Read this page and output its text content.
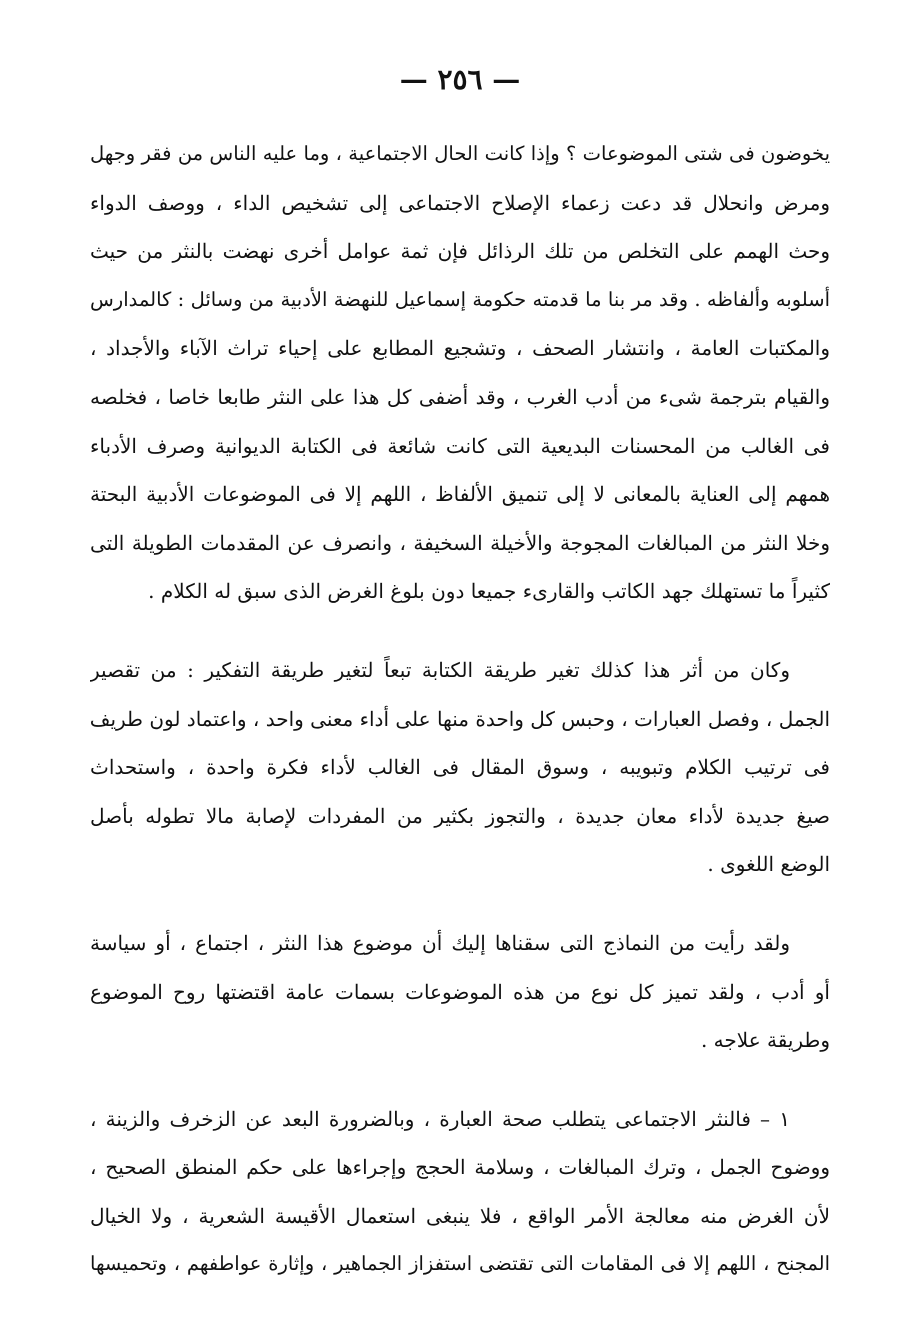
— ٢٥٦ —
يخوضون فى شتى الموضوعات ؟ وإذا كانت الحال الاجتماعية ، وما عليه الناس من فقر وجهل
ومرض وانحلال قد دعت زعماء الإصلاح الاجتماعى إلى تشخيص الداء ، ووصف الدواء
وحث الهمم على التخلص من تلك الرذائل فإن ثمة عوامل أخرى نهضت بالنثر من حيث
أسلوبه وألفاظه . وقد مر بنا ما قدمته حكومة إسماعيل للنهضة الأدبية من وسائل : كالمدارس
والمكتبات العامة ، وانتشار الصحف ، وتشجيع المطابع على إحياء تراث الآباء والأجداد ،
والقيام بترجمة شىء من أدب الغرب ، وقد أضفى كل هذا على النثر طابعا خاصا ، فخلصه
فى الغالب من المحسنات البديعية التى كانت شائعة فى الكتابة الديوانية وصرف الأدباء
همهم إلى العناية بالمعانى لا إلى تنميق الألفاظ ، اللهم إلا فى الموضوعات الأدبية البحتة
وخلا النثر من المبالغات المجوجة والأخيلة السخيفة ، وانصرف عن المقدمات الطويلة التى
كثيراً ما تستهلك جهد الكاتب والقارىء جميعا دون بلوغ الغرض الذى سبق له الكلام .
وكان من أثر هذا كذلك تغير طريقة الكتابة تبعاً لتغير طريقة التفكير : من تقصير
الجمل ، وفصل العبارات ، وحبس كل واحدة منها على أداء معنى واحد ، واعتماد لون طريف
فى ترتيب الكلام وتبويبه ، وسوق المقال فى الغالب لأداء فكرة واحدة ، واستحداث
صيغ جديدة لأداء معان جديدة ، والتجوز بكثير من المفردات لإصابة مالا تطوله بأصل
الوضع اللغوى .
ولقد رأيت من النماذج التى سقناها إليك أن موضوع هذا النثر ، اجتماع ، أو سياسة
أو أدب ، ولقد تميز كل نوع من هذه الموضوعات بسمات عامة اقتضتها روح الموضوع
وطريقة علاجه .
١ – فالنثر الاجتماعى يتطلب صحة العبارة ، وبالضرورة البعد عن الزخرف والزينة ،
ووضوح الجمل ، وترك المبالغات ، وسلامة الحجج وإجراءها على حكم المنطق الصحيح ،
لأن الغرض منه معالجة الأمر الواقع ، فلا ينبغى استعمال الأقيسة الشعرية ، ولا الخيال
المجنح ، اللهم إلا فى المقامات التى تقتضى استفزاز الجماهير ، وإثارة عواطفهم ، وتحميسها
